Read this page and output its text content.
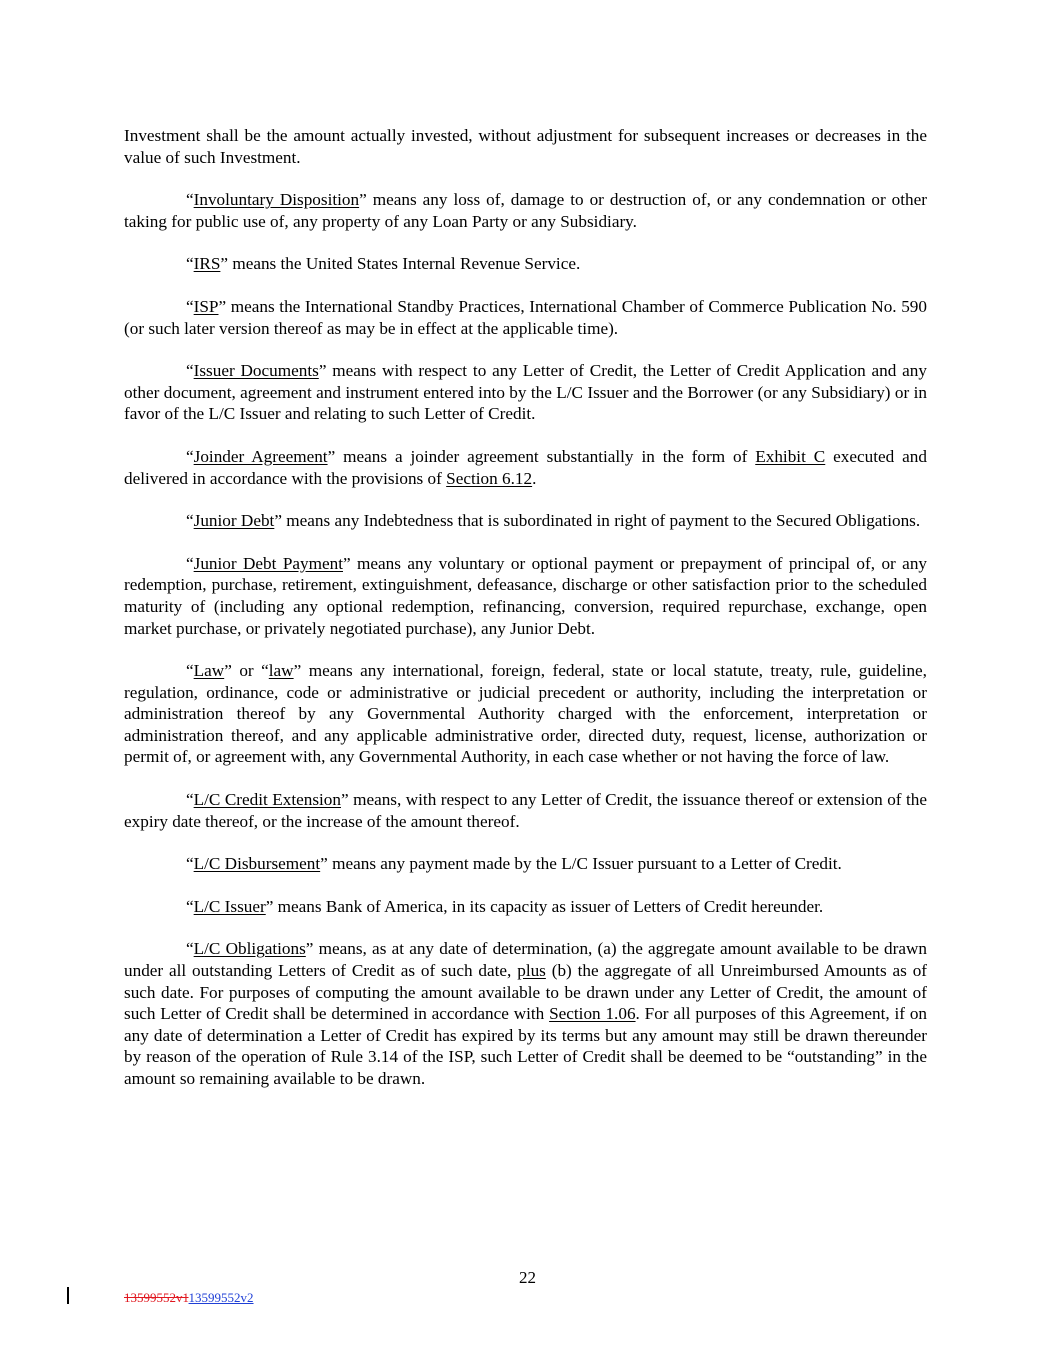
Investment shall be the amount actually invested, without adjustment for subsequent increases or decreases in the value of such Investment.

“Involuntary Disposition” means any loss of, damage to or destruction of, or any condemnation or other taking for public use of, any property of any Loan Party or any Subsidiary.

“IRS” means the United States Internal Revenue Service.

“ISP” means the International Standby Practices, International Chamber of Commerce Publication No. 590 (or such later version thereof as may be in effect at the applicable time).

“Issuer Documents” means with respect to any Letter of Credit, the Letter of Credit Application and any other document, agreement and instrument entered into by the L/C Issuer and the Borrower (or any Subsidiary) or in favor of the L/C Issuer and relating to such Letter of Credit.

“Joinder Agreement” means a joinder agreement substantially in the form of Exhibit C executed and delivered in accordance with the provisions of Section 6.12.

“Junior Debt” means any Indebtedness that is subordinated in right of payment to the Secured Obligations.

“Junior Debt Payment” means any voluntary or optional payment or prepayment of principal of, or any redemption, purchase, retirement, extinguishment, defeasance, discharge or other satisfaction prior to the scheduled maturity of (including any optional redemption, refinancing, conversion, required repurchase, exchange, open market purchase, or privately negotiated purchase), any Junior Debt.

“Law” or “law” means any international, foreign, federal, state or local statute, treaty, rule, guideline, regulation, ordinance, code or administrative or judicial precedent or authority, including the interpretation or administration thereof by any Governmental Authority charged with the enforcement, interpretation or administration thereof, and any applicable administrative order, directed duty, request, license, authorization or permit of, or agreement with, any Governmental Authority, in each case whether or not having the force of law.

“L/C Credit Extension” means, with respect to any Letter of Credit, the issuance thereof or extension of the expiry date thereof, or the increase of the amount thereof.

“L/C Disbursement” means any payment made by the L/C Issuer pursuant to a Letter of Credit.

“L/C Issuer” means Bank of America, in its capacity as issuer of Letters of Credit hereunder.

“L/C Obligations” means, as at any date of determination, (a) the aggregate amount available to be drawn under all outstanding Letters of Credit as of such date, plus (b) the aggregate of all Unreimbursed Amounts as of such date. For purposes of computing the amount available to be drawn under any Letter of Credit, the amount of such Letter of Credit shall be determined in accordance with Section 1.06. For all purposes of this Agreement, if on any date of determination a Letter of Credit has expired by its terms but any amount may still be drawn thereunder by reason of the operation of Rule 3.14 of the ISP, such Letter of Credit shall be deemed to be “outstanding” in the amount so remaining available to be drawn.

22
13599552v113599552v2
